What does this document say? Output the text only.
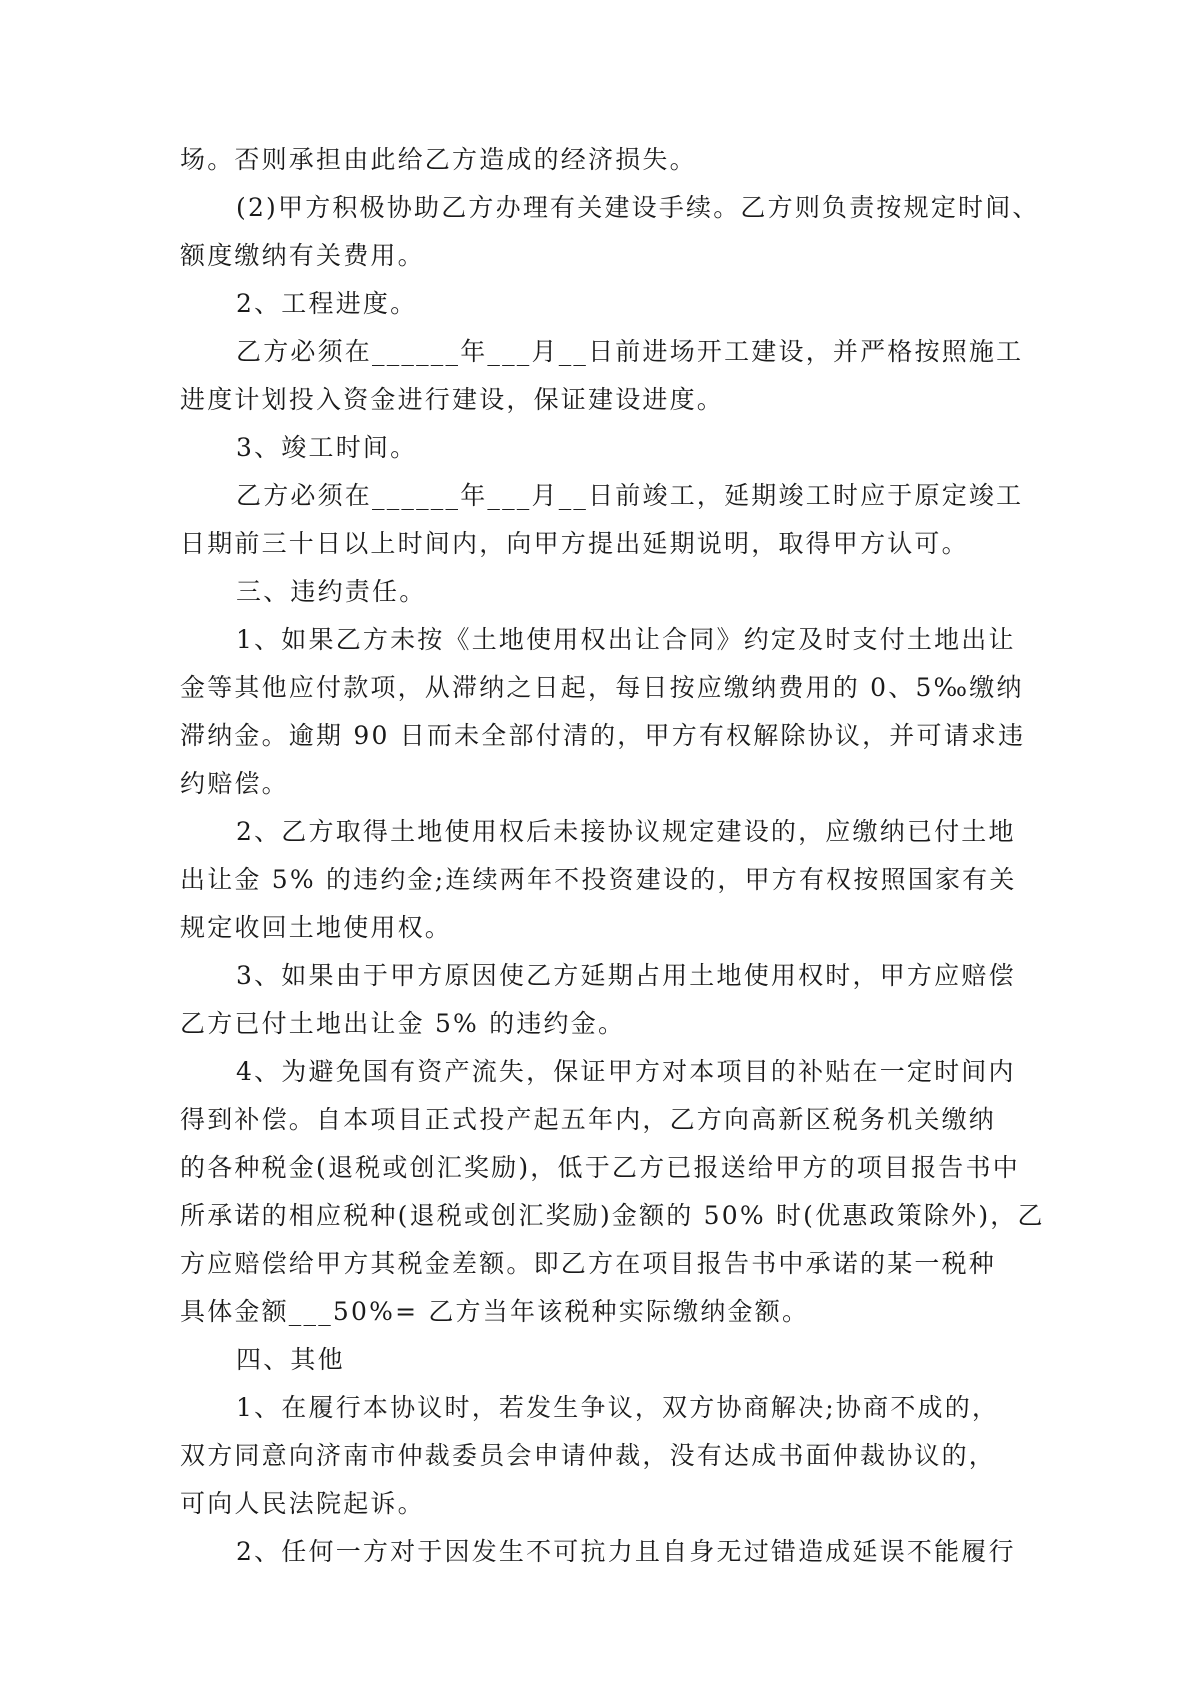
场。否则承担由此给乙方造成的经济损失。
(2)甲方积极协助乙方办理有关建设手续。乙方则负责按规定时间、
额度缴纳有关费用。
2、工程进度。
乙方必须在______年___月__日前进场开工建设，并严格按照施工
进度计划投入资金进行建设，保证建设进度。
3、竣工时间。
乙方必须在______年___月__日前竣工，延期竣工时应于原定竣工
日期前三十日以上时间内，向甲方提出延期说明，取得甲方认可。
三、违约责任。
1、如果乙方未按《土地使用权出让合同》约定及时支付土地出让
金等其他应付款项，从滞纳之日起，每日按应缴纳费用的 0、5‰缴纳
滞纳金。逾期 90 日而未全部付清的，甲方有权解除协议，并可请求违
约赔偿。
2、乙方取得土地使用权后未接协议规定建设的，应缴纳已付土地
出让金 5% 的违约金;连续两年不投资建设的，甲方有权按照国家有关
规定收回土地使用权。
3、如果由于甲方原因使乙方延期占用土地使用权时，甲方应赔偿
乙方已付土地出让金 5% 的违约金。
4、为避免国有资产流失，保证甲方对本项目的补贴在一定时间内
得到补偿。自本项目正式投产起五年内，乙方向高新区税务机关缴纳
的各种税金(退税或创汇奖励)，低于乙方已报送给甲方的项目报告书中
所承诺的相应税种(退税或创汇奖励)金额的 50% 时(优惠政策除外)，乙
方应赔偿给甲方其税金差额。即乙方在项目报告书中承诺的某一税种
具体金额___50%= 乙方当年该税种实际缴纳金额。
四、其他
1、在履行本协议时，若发生争议，双方协商解决;协商不成的，
双方同意向济南市仲裁委员会申请仲裁，没有达成书面仲裁协议的，
可向人民法院起诉。
2、任何一方对于因发生不可抗力且自身无过错造成延误不能履行
